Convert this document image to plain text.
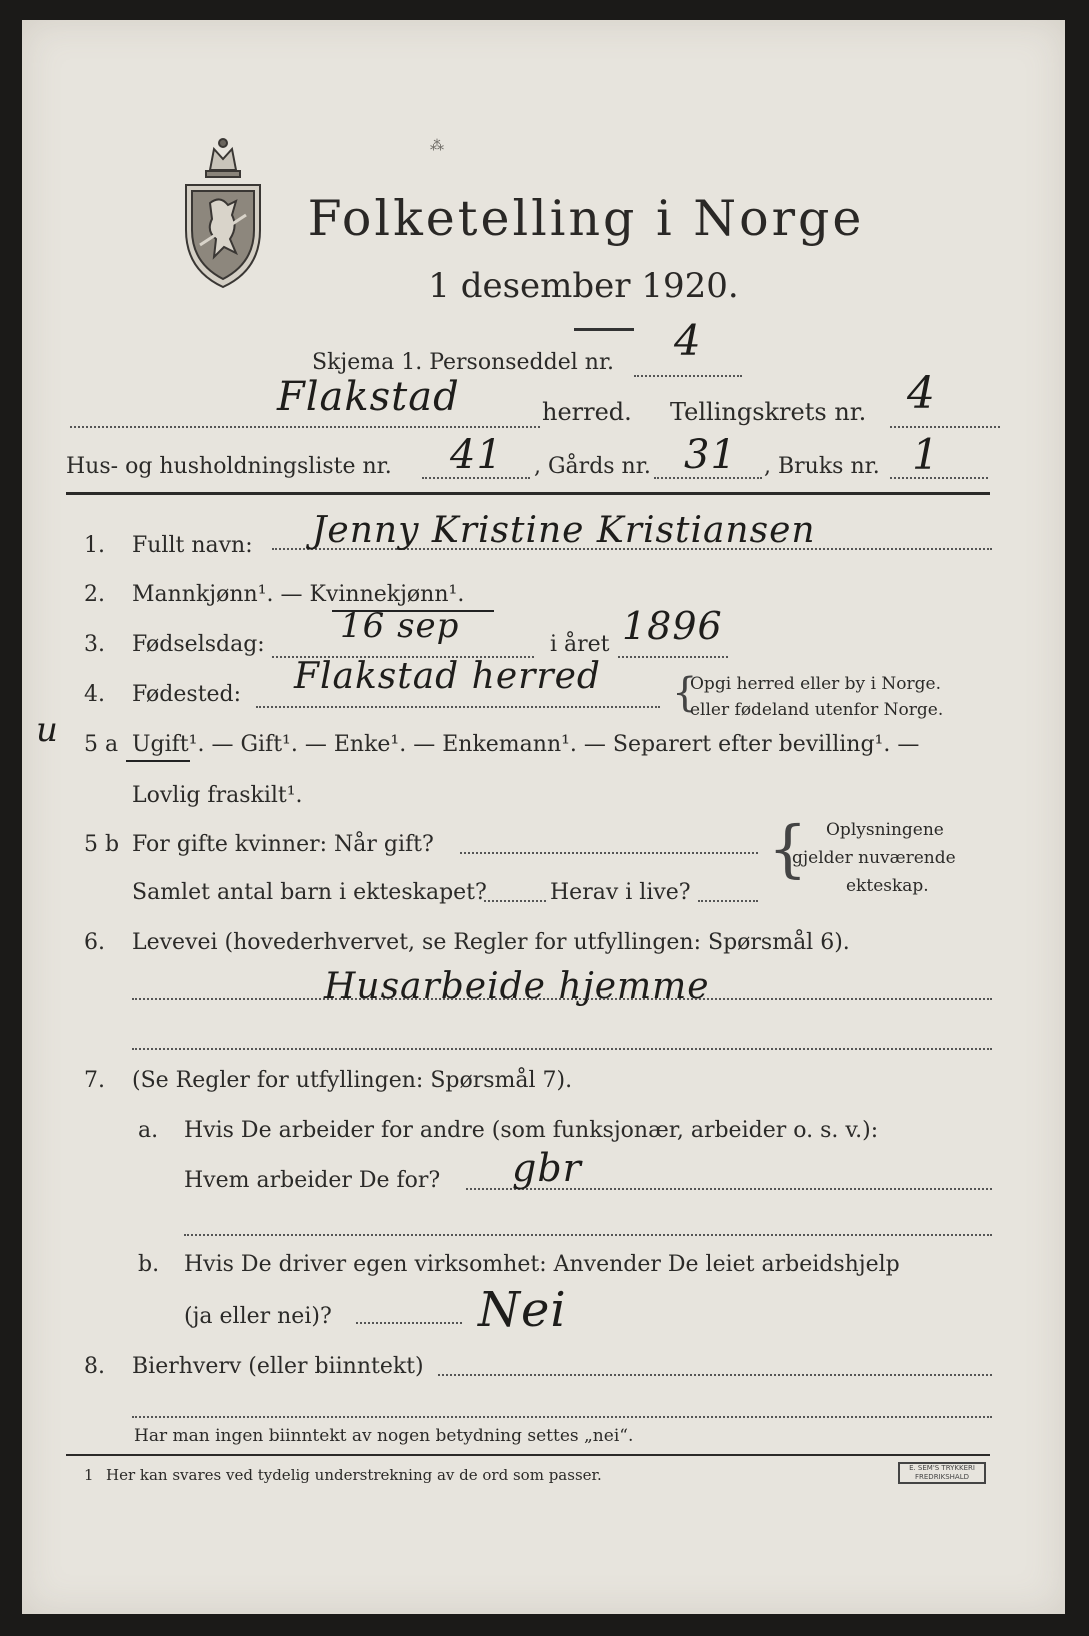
⁂
Folketelling i Norge
1 desember 1920.
Skjema 1. Personseddel nr. 4
Flakstad	herred. Tellingskrets nr. 4
Hus- og husholdningsliste nr. 41 , Gårds nr. 31 , Bruks nr. 1
1. Fullt navn: Jenny Kristine Kristiansen
2. Mannkjønn¹. — Kvinnekjønn¹.
3. Fødselsdag: 16 sep	i året 1896
4. Fødested: Flakstad herred {
Opgi herred eller by i Norge.
eller fødeland utenfor Norge.
u 5 a Ugift¹. — Gift¹. — Enke¹. — Enkemann¹. — Separert efter bevilling¹. —
Lovlig fraskilt¹.
5 b For gifte kvinner: Når gift?
Samlet antal barn i ekteskapet?	Herav i live?
{ Oplysningene
gjelder nuværende
ekteskap.
6. Levevei (hovederhvervet, se Regler for utfyllingen: Spørsmål 6).
Husarbeide hjemme
7. (Se Regler for utfyllingen: Spørsmål 7).
a. Hvis De arbeider for andre (som funksjonær, arbeider o. s. v.):
Hvem arbeider De for? gbr
b. Hvis De driver egen virksomhet: Anvender De leiet arbeidshjelp
(ja eller nei)?	Nei
8. Bierhverv (eller biinntekt)
Har man ingen biinntekt av nogen betydning settes „nei“.
1 Her kan svares ved tydelig understrekning av de ord som passer.	E. SEM'S TRYKKERI FREDRIKSHALD
